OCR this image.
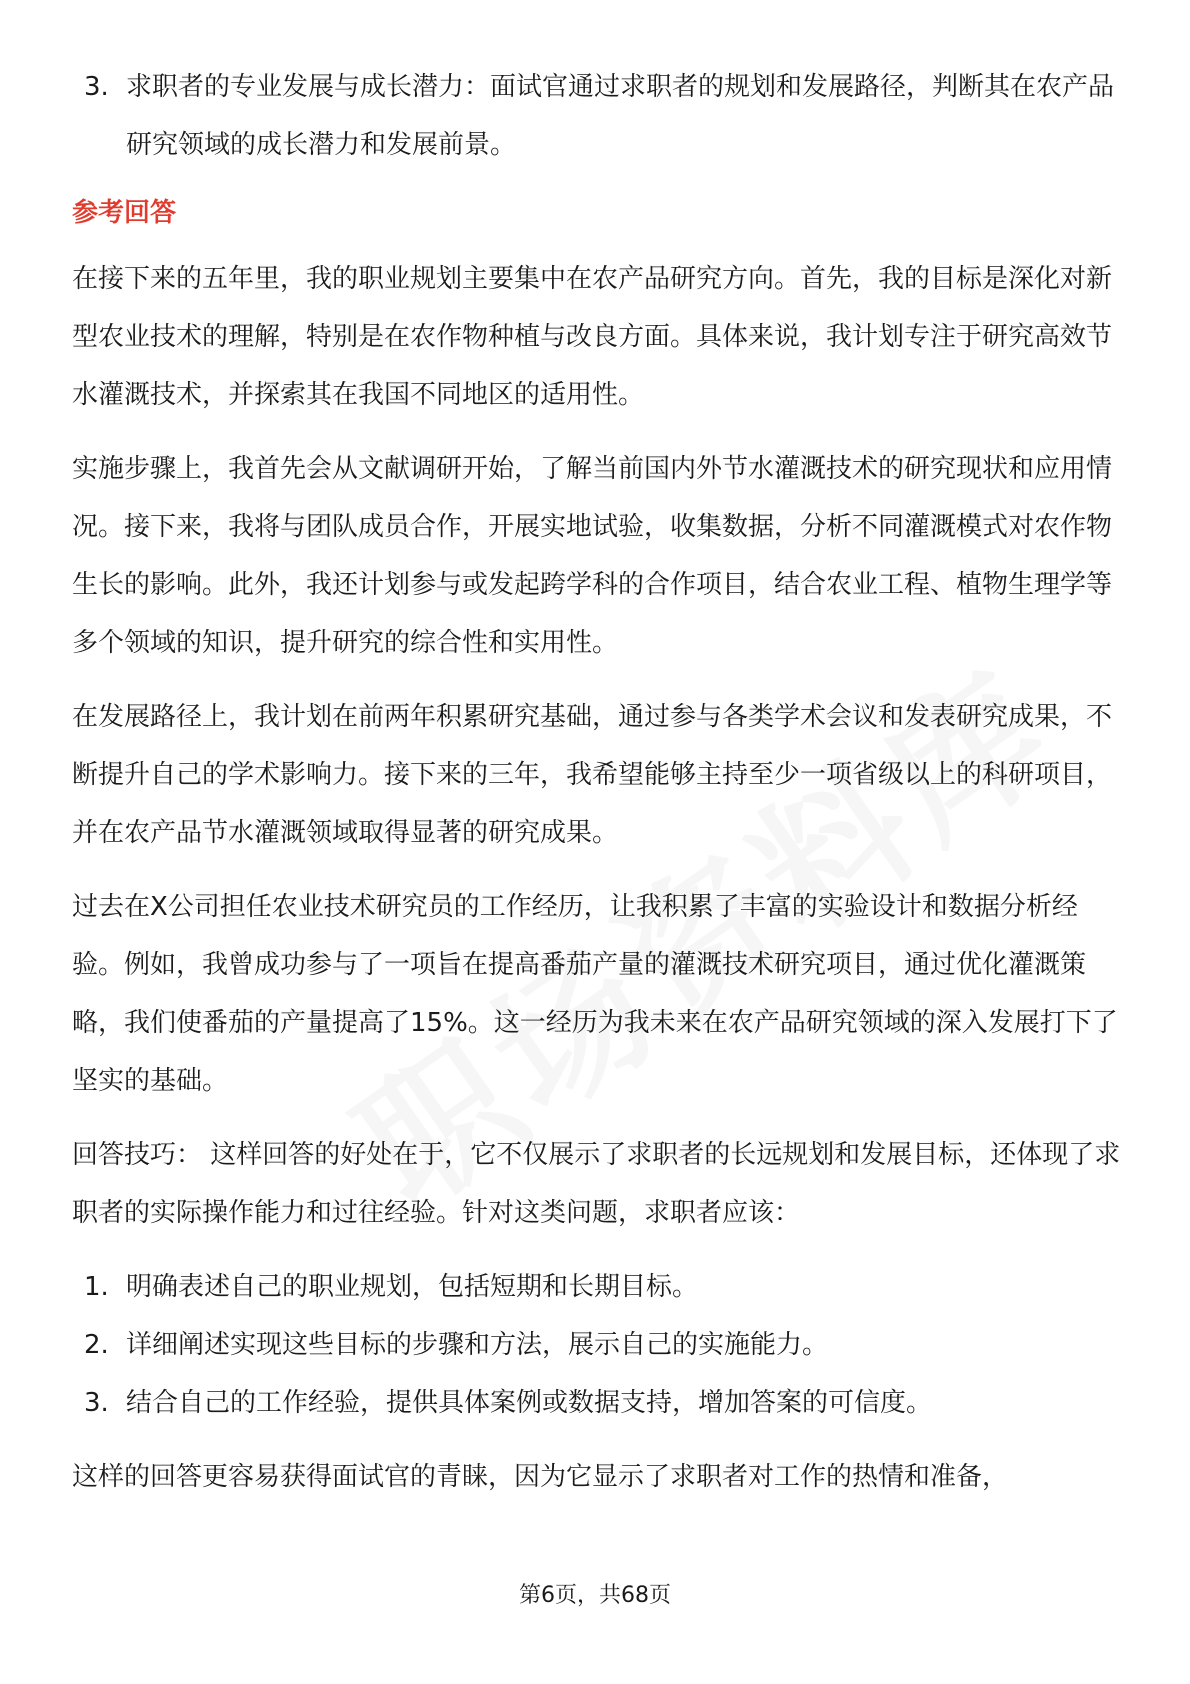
3. 求职者的专业发展与成长潜力：面试官通过求职者的规划和发展路径，判断其在农产品研究领域的成长潜力和发展前景。
参考回答

在接下来的五年里，我的职业规划主要集中在农产品研究方向。首先，我的目标是深化对新型农业技术的理解，特别是在农作物种植与改良方面。具体来说，我计划专注于研究高效节水灌溉技术，并探索其在我国不同地区的适用性。

实施步骤上，我首先会从文献调研开始，了解当前国内外节水灌溉技术的研究现状和应用情况。接下来，我将与团队成员合作，开展实地试验，收集数据，分析不同灌溉模式对农作物生长的影响。此外，我还计划参与或发起跨学科的合作项目，结合农业工程、植物生理学等多个领域的知识，提升研究的综合性和实用性。

在发展路径上，我计划在前两年积累研究基础，通过参与各类学术会议和发表研究成果，不断提升自己的学术影响力。接下来的三年，我希望能够主持至少一项省级以上的科研项目，并在农产品节水灌溉领域取得显著的研究成果。

过去在X公司担任农业技术研究员的工作经历，让我积累了丰富的实验设计和数据分析经验。例如，我曾成功参与了一项旨在提高番茄产量的灌溉技术研究项目，通过优化灌溉策略，我们使番茄的产量提高了15%。这一经历为我未来在农产品研究领域的深入发展打下了坚实的基础。

回答技巧： 这样回答的好处在于，它不仅展示了求职者的长远规划和发展目标，还体现了求职者的实际操作能力和过往经验。针对这类问题，求职者应该：

1. 明确表述自己的职业规划，包括短期和长期目标。
2. 详细阐述实现这些目标的步骤和方法，展示自己的实施能力。
3. 结合自己的工作经验，提供具体案例或数据支持，增加答案的可信度。

这样的回答更容易获得面试官的青睐，因为它显示了求职者对工作的热情和准备，

第6页，共68页
